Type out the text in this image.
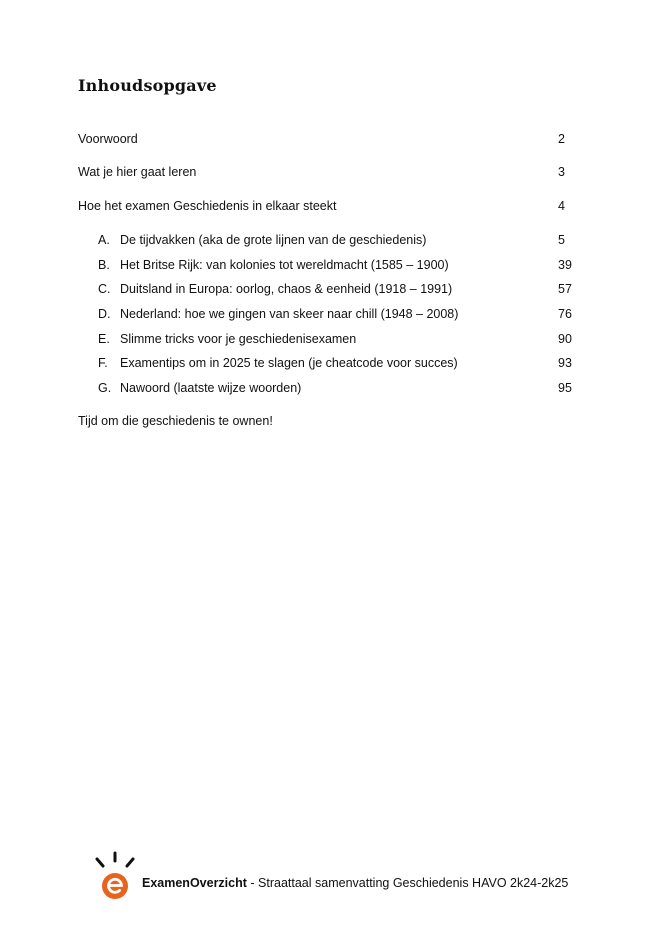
Inhoudsopgave
Voorwoord	2
Wat je hier gaat leren	3
Hoe het examen Geschiedenis in elkaar steekt	4
A. De tijdvakken (aka de grote lijnen van de geschiedenis)	5
B. Het Britse Rijk: van kolonies tot wereldmacht (1585 – 1900)	39
C. Duitsland in Europa: oorlog, chaos & eenheid (1918 – 1991)	57
D. Nederland: hoe we gingen van skeer naar chill (1948 – 2008)	76
E. Slimme tricks voor je geschiedenisexamen	90
F. Examentips om in 2025 te slagen (je cheatcode voor succes)	93
G. Nawoord (laatste wijze woorden)	95
Tijd om die geschiedenis te ownen!
ExamenOverzicht - Straattaal samenvatting Geschiedenis HAVO 2k24-2k25
